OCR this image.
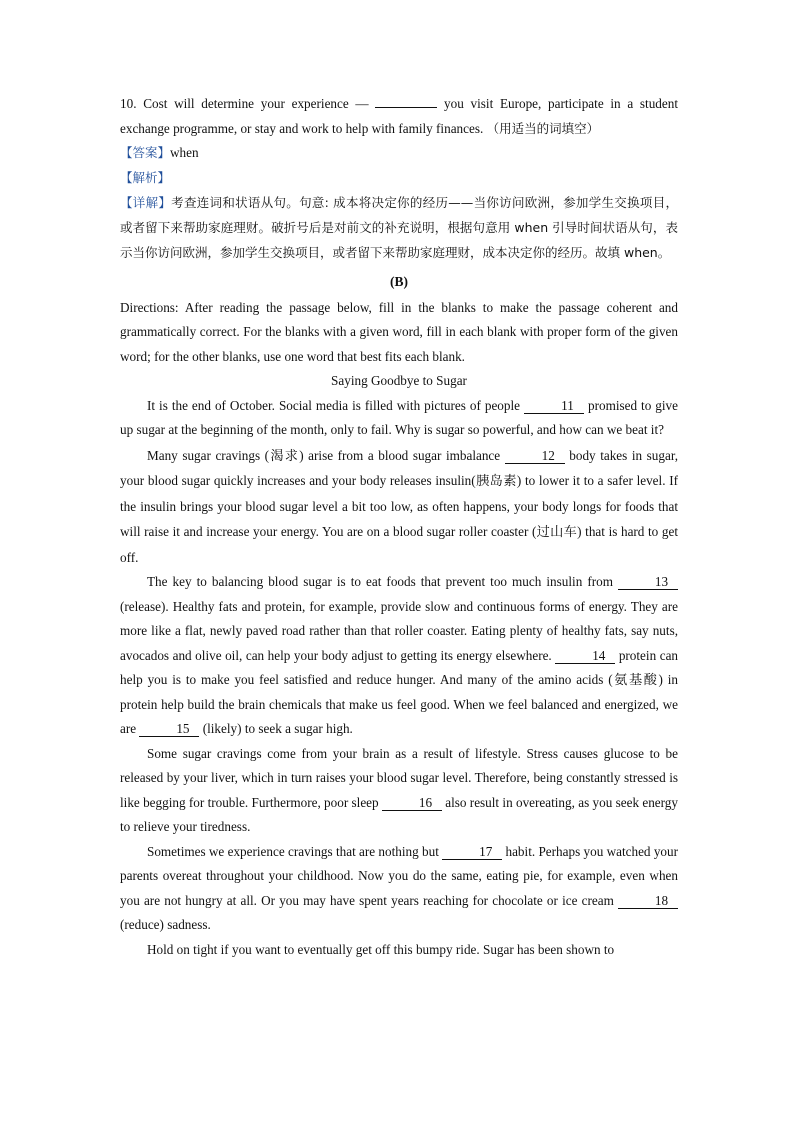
10. Cost will determine your experience —	you visit Europe, participate in a student exchange programme, or stay and work to help with family finances. （用适当的词填空）

【答案】when

【解析】

【详解】考查连词和状语从句。句意: 成本将决定你的经历——当你访问欧洲，参加学生交换项目，或者留下来帮助家庭理财。破折号后是对前文的补充说明，根据句意用 when 引导时间状语从句，表示当你访问欧洲，参加学生交换项目，或者留下来帮助家庭理财，成本决定你的经历。故填 when。

(B)

Directions: After reading the passage below, fill in the blanks to make the passage coherent and grammatically correct. For the blanks with a given word, fill in each blank with proper form of the given word; for the other blanks, use one word that best fits each blank.

Saying Goodbye to Sugar

It is the end of October. Social media is filled with pictures of people	11 promised to give up sugar at the beginning of the month, only to fail. Why is sugar so powerful, and how can we beat it?

Many sugar cravings (渴求) arise from a blood sugar imbalance	12 body takes in sugar, your blood sugar quickly increases and your body releases insulin(胰岛素) to lower it to a safer level. If the insulin brings your blood sugar level a bit too low, as often happens, your body longs for foods that will raise it and increase your energy. You are on a blood sugar roller coaster (过山车) that is hard to get off.

The key to balancing blood sugar is to eat foods that prevent too much insulin from	13 (release). Healthy fats and protein, for example, provide slow and continuous forms of energy. They are more like a flat, newly paved road rather than that roller coaster. Eating plenty of healthy fats, say nuts, avocados and olive oil, can help your body adjust to getting its energy elsewhere.	14 protein can help you is to make you feel satisfied and reduce hunger. And many of the amino acids (氨基酸) in protein help build the brain chemicals that make us feel good. When we feel balanced and energized, we are	15 (likely) to seek a sugar high.

Some sugar cravings come from your brain as a result of lifestyle. Stress causes glucose to be released by your liver, which in turn raises your blood sugar level. Therefore, being constantly stressed is like begging for trouble. Furthermore, poor sleep	16 also result in overeating, as you seek energy to relieve your tiredness.

Sometimes we experience cravings that are nothing but	17 habit. Perhaps you watched your parents overeat throughout your childhood. Now you do the same, eating pie, for example, even when you are not hungry at all. Or you may have spent years reaching for chocolate or ice cream	18 (reduce) sadness.

Hold on tight if you want to eventually get off this bumpy ride. Sugar has been shown to
